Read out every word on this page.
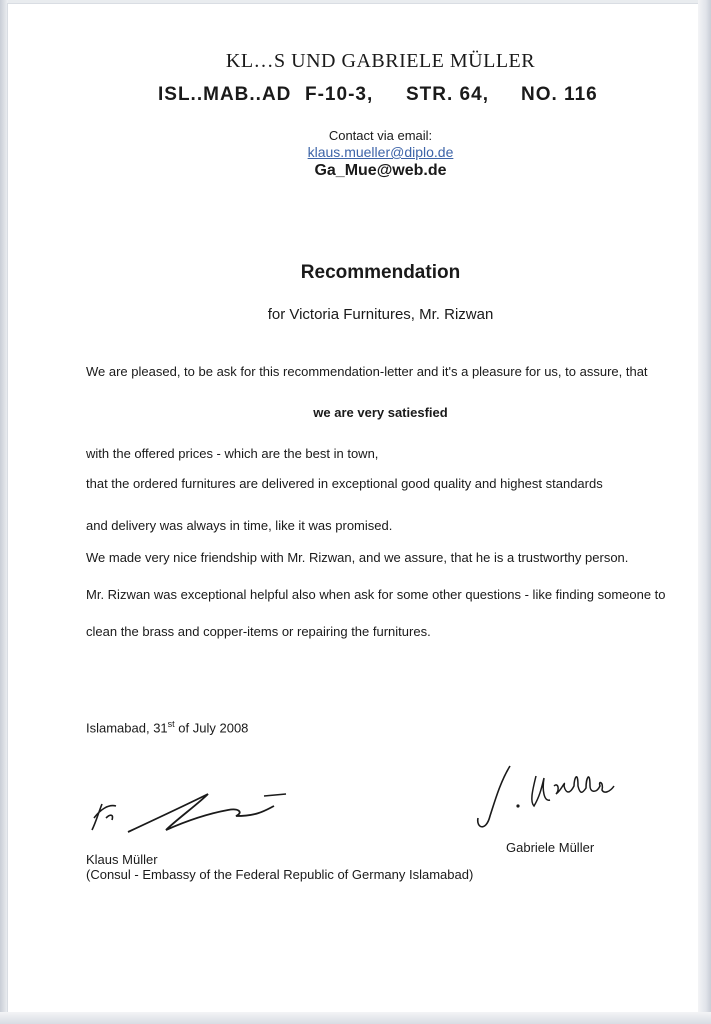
KL…S UND GABRIELE MÜLLER
ISL..MAB..AD F-10-3, STR. 64, NO. 116
Contact via email:
klaus.mueller@diplo.de
Ga_Mue@web.de
Recommendation
for Victoria Furnitures, Mr. Rizwan
We are pleased, to be ask for this recommendation-letter and it's a pleasure for us, to assure, that
we are very satiesfied
with the offered prices - which are the best in town,
that the ordered furnitures are delivered in exceptional good quality and highest standards
and delivery was always in time, like it was promised.
We made very nice friendship with Mr. Rizwan, and we assure, that he is a trustworthy person.
Mr. Rizwan was exceptional helpful also when ask for some other questions - like finding someone to
clean the brass and copper-items or repairing the furnitures.
Islamabad, 31st of July 2008
Klaus Müller
(Consul - Embassy of the Federal Republic of Germany Islamabad)
Gabriele Müller
